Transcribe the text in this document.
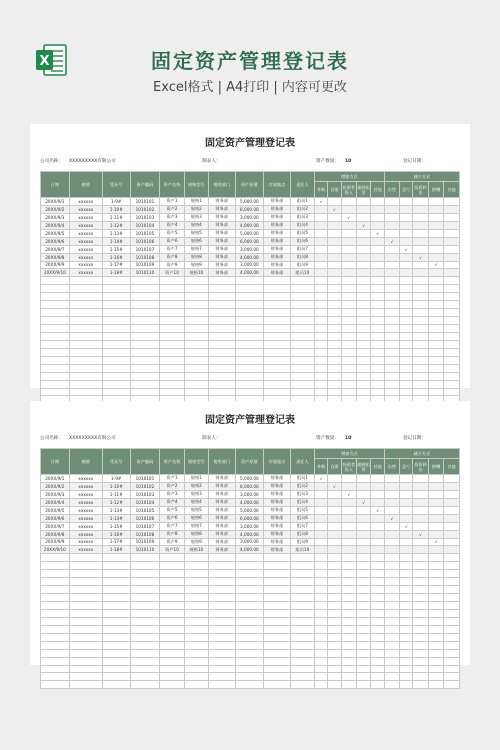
X	固定资产管理登记表
Excel格式 | A4打印 | 内容可更改
固定资产管理登记表
公司名称： XXXXXXXXX有限公司	制表人：	资产数量： 10	登记日期：
日期	摘要	凭证号	资产编码	资产名称	规格型号	使用部门	资产原值	存放地点	责任人	增加方式					减少方式				
										外购	自建	投资者投入	融资租赁	其他	出售	盘亏	投资转出	捐赠	其他
20XX/9/1	xxxxxx	1-9#	1010101	资产1	规格1	财务部	5,000.00	财务部	组员1	√									
20XX/9/2	xxxxxx	1-10#	1010102	资产2	规格2	财务部	8,000.00	财务部	组员2		√								
20XX/9/3	xxxxxx	1-11#	1010103	资产3	规格3	财务部	3,000.00	财务部	组员3			√							
20XX/9/4	xxxxxx	1-12#	1010104	资产4	规格4	财务部	4,000.00	财务部	组员4				√						
20XX/9/5	xxxxxx	1-13#	1010105	资产5	规格5	财务部	5,000.00	财务部	组员5					√					
20XX/9/6	xxxxxx	1-14#	1010106	资产6	规格6	财务部	6,000.00	财务部	组员6						√				
20XX/9/7	xxxxxx	1-15#	1010107	资产7	规格7	财务部	3,000.00	财务部	组员7							√			
20XX/9/8	xxxxxx	1-16#	1010108	资产8	规格8	财务部	4,000.00	财务部	组员8								√		
20XX/9/9	xxxxxx	1-17#	1010109	资产9	规格9	财务部	3,000.00	财务部	组员9									√	
20XX/9/10	xxxxxx	1-18#	1010110	资产10	规格10	财务部	4,000.00	财务部	组员10										

固定资产管理登记表
公司名称： XXXXXXXXX有限公司	制表人：	资产数量： 10	登记日期：
日期	摘要	凭证号	资产编码	资产名称	规格型号	使用部门	资产原值	存放地点	责任人	增加方式					减少方式				
										外购	自建	投资者投入	融资租赁	其他	出售	盘亏	投资转出	捐赠	其他
20XX/9/1	xxxxxx	1-9#	1010101	资产1	规格1	财务部	5,000.00	财务部	组员1	√									
20XX/9/2	xxxxxx	1-10#	1010102	资产2	规格2	财务部	8,000.00	财务部	组员2		√								
20XX/9/3	xxxxxx	1-11#	1010103	资产3	规格3	财务部	3,000.00	财务部	组员3			√							
20XX/9/4	xxxxxx	1-12#	1010104	资产4	规格4	财务部	4,000.00	财务部	组员4				√						
20XX/9/5	xxxxxx	1-13#	1010105	资产5	规格5	财务部	5,000.00	财务部	组员5					√					
20XX/9/6	xxxxxx	1-14#	1010106	资产6	规格6	财务部	6,000.00	财务部	组员6						√				
20XX/9/7	xxxxxx	1-15#	1010107	资产7	规格7	财务部	3,000.00	财务部	组员7							√			
20XX/9/8	xxxxxx	1-16#	1010108	资产8	规格8	财务部	4,000.00	财务部	组员8								√		
20XX/9/9	xxxxxx	1-17#	1010109	资产9	规格9	财务部	3,000.00	财务部	组员9									√	
20XX/9/10	xxxxxx	1-18#	1010110	资产10	规格10	财务部	4,000.00	财务部	组员10										
